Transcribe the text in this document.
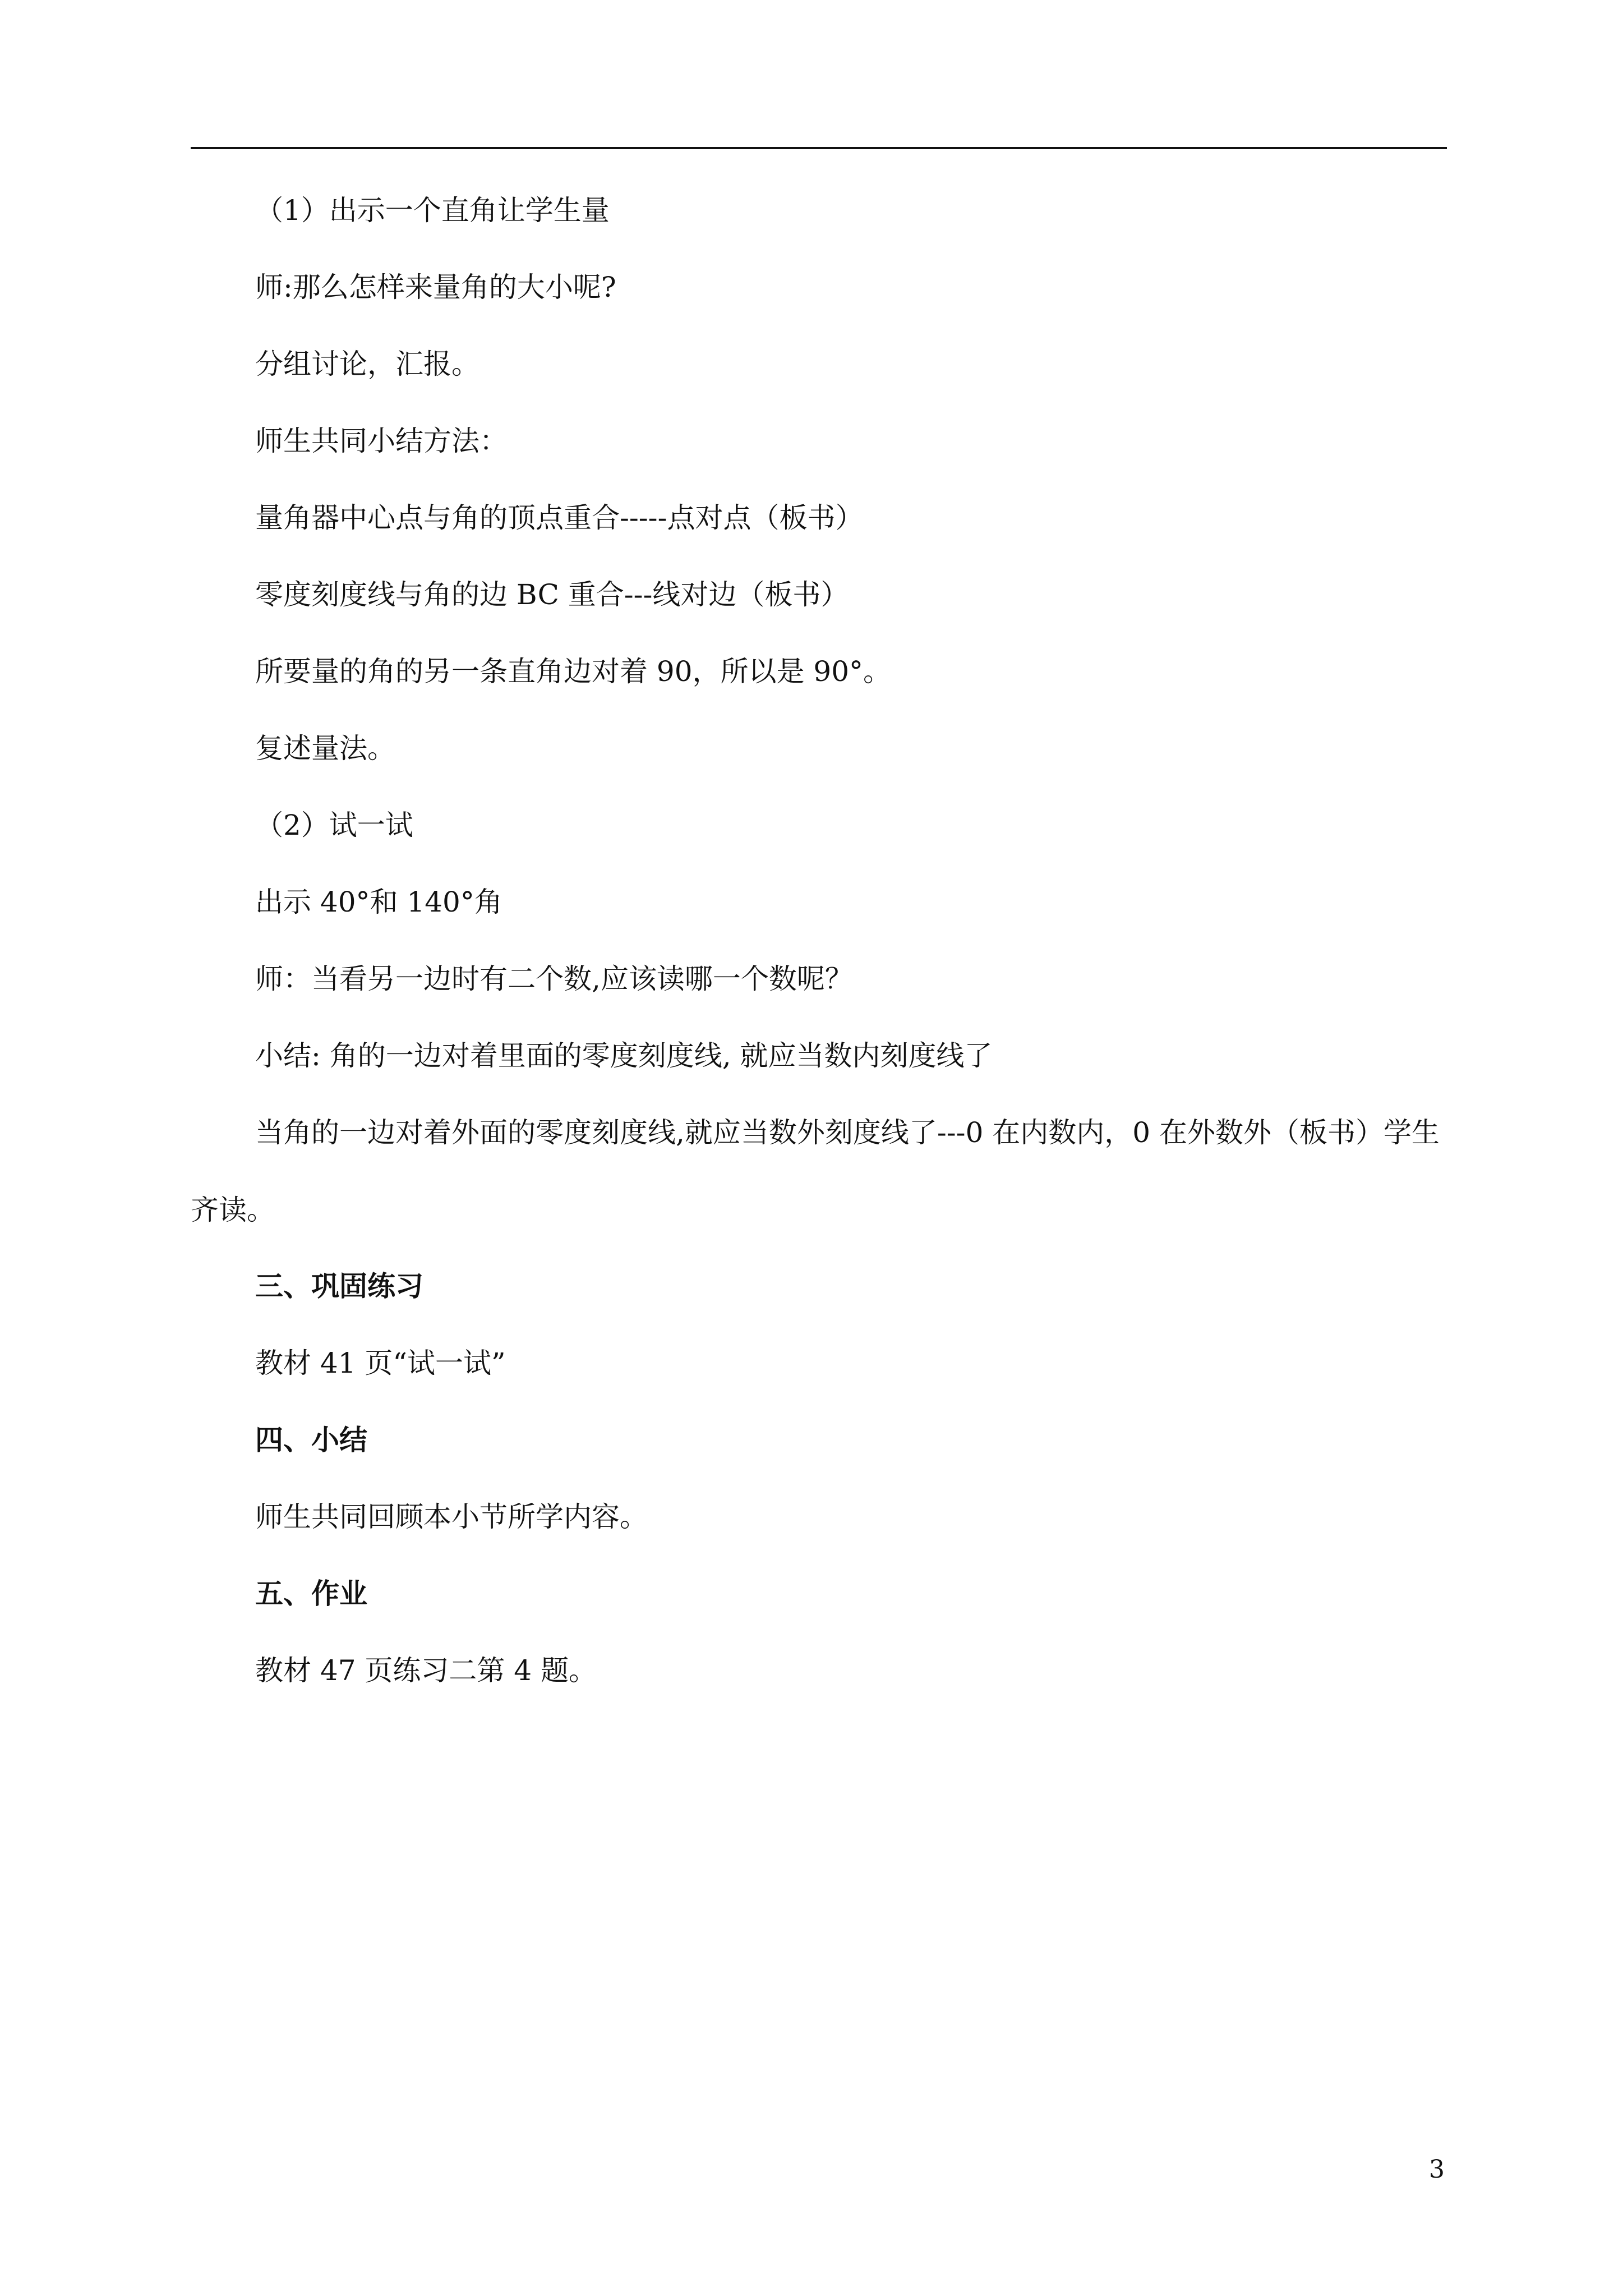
（1）出示一个直角让学生量
师:那么怎样来量角的大小呢?
分组讨论，汇报。
师生共同小结方法：
量角器中心点与角的顶点重合-----点对点（板书）
零度刻度线与角的边 BC 重合---线对边（板书）
所要量的角的另一条直角边对着 90，所以是 90°。
复述量法。
（2）试一试
出示 40°和 140°角
师：当看另一边时有二个数,应该读哪一个数呢？
小结: 角的一边对着里面的零度刻度线, 就应当数内刻度线了
当角的一边对着外面的零度刻度线,就应当数外刻度线了---0 在内数内，0 在外数外（板书）学生齐读。
三、巩固练习
教材 41 页“试一试”
四、小结
师生共同回顾本小节所学内容。
五、作业
教材 47 页练习二第 4 题。
3
